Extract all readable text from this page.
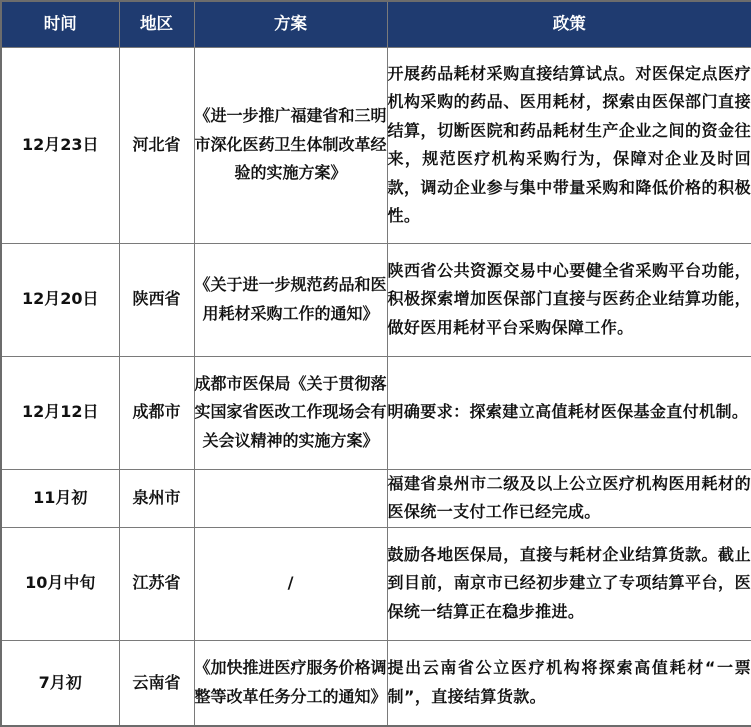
时间	地区	方案	政策
12月23日	河北省	《进一步推广福建省和三明市深化医药卫生体制改革经验的实施方案》	开展药品耗材采购直接结算试点。对医保定点医疗机构采购的药品、医用耗材，探索由医保部门直接结算，切断医院和药品耗材生产企业之间的资金往来，规范医疗机构采购行为，保障对企业及时回款，调动企业参与集中带量采购和降低价格的积极性。
12月20日	陕西省	《关于进一步规范药品和医用耗材采购工作的通知》	陕西省公共资源交易中心要健全省采购平台功能，积极探索增加医保部门直接与医药企业结算功能，做好医用耗材平台采购保障工作。
12月12日	成都市	成都市医保局《关于贯彻落实国家省医改工作现场会有关会议精神的实施方案》	明确要求：探索建立高值耗材医保基金直付机制。
11月初	泉州市		福建省泉州市二级及以上公立医疗机构医用耗材的医保统一支付工作已经完成。
10月中旬	江苏省	/	鼓励各地医保局，直接与耗材企业结算货款。截止到目前，南京市已经初步建立了专项结算平台，医保统一结算正在稳步推进。
7月初	云南省	《加快推进医疗服务价格调整等改革任务分工的通知》	提出云南省公立医疗机构将探索高值耗材“一票制”，直接结算货款。
